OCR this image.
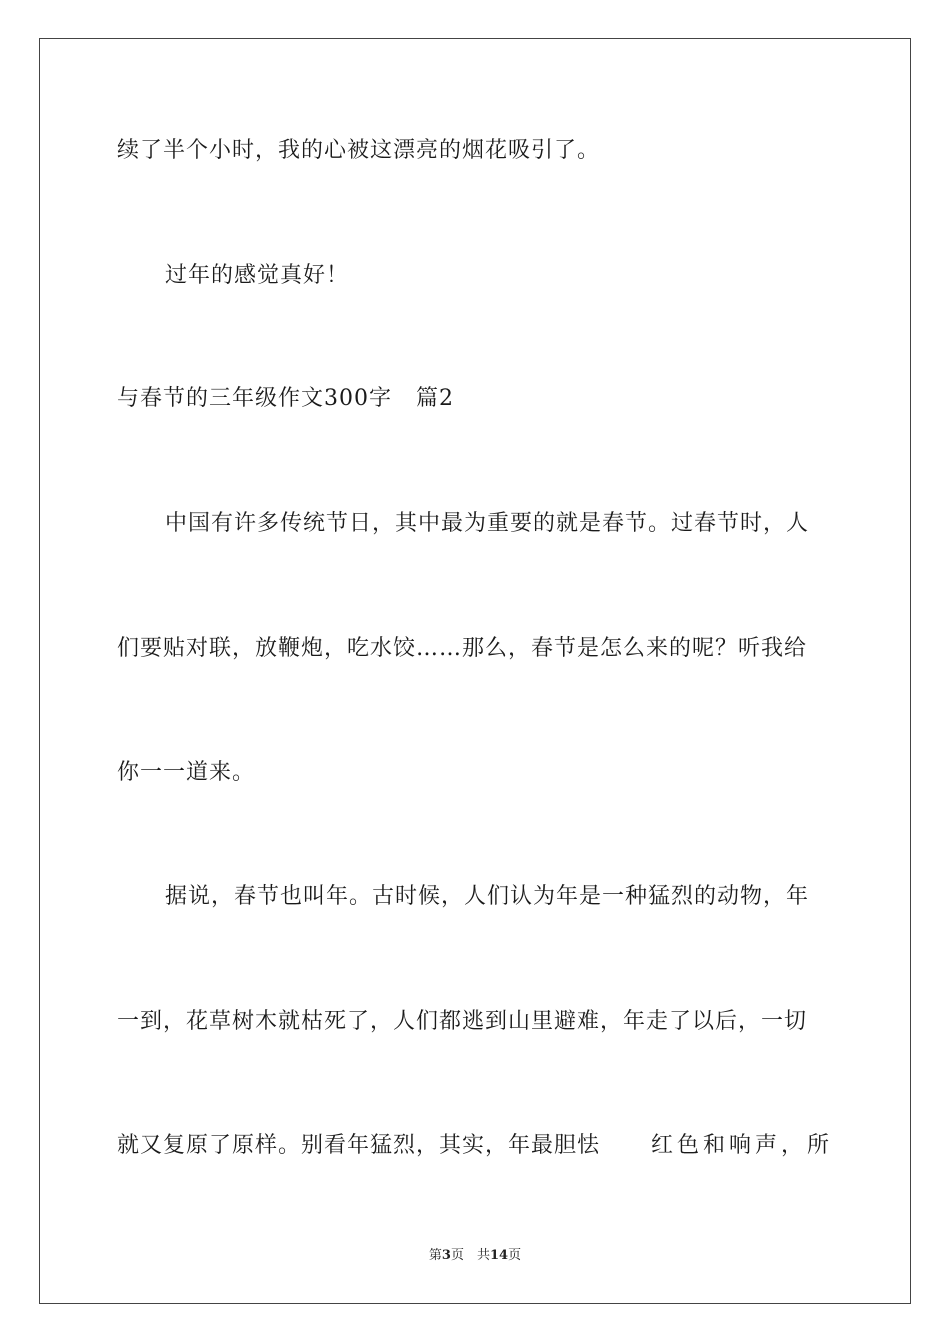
续了半个小时，我的心被这漂亮的烟花吸引了。
过年的感觉真好！
与春节的三年级作文300字 篇2
中国有许多传统节日，其中最为重要的就是春节。过春节时，人
们要贴对联，放鞭炮，吃水饺……那么，春节是怎么来的呢？听我给
你一一道来。
据说，春节也叫年。古时候，人们认为年是一种猛烈的动物，年
一到，花草树木就枯死了，人们都逃到山里避难，年走了以后，一切
就又复原了原样。别看年猛烈，其实，年最胆怯 红色和响声，所
第3页　共14页
